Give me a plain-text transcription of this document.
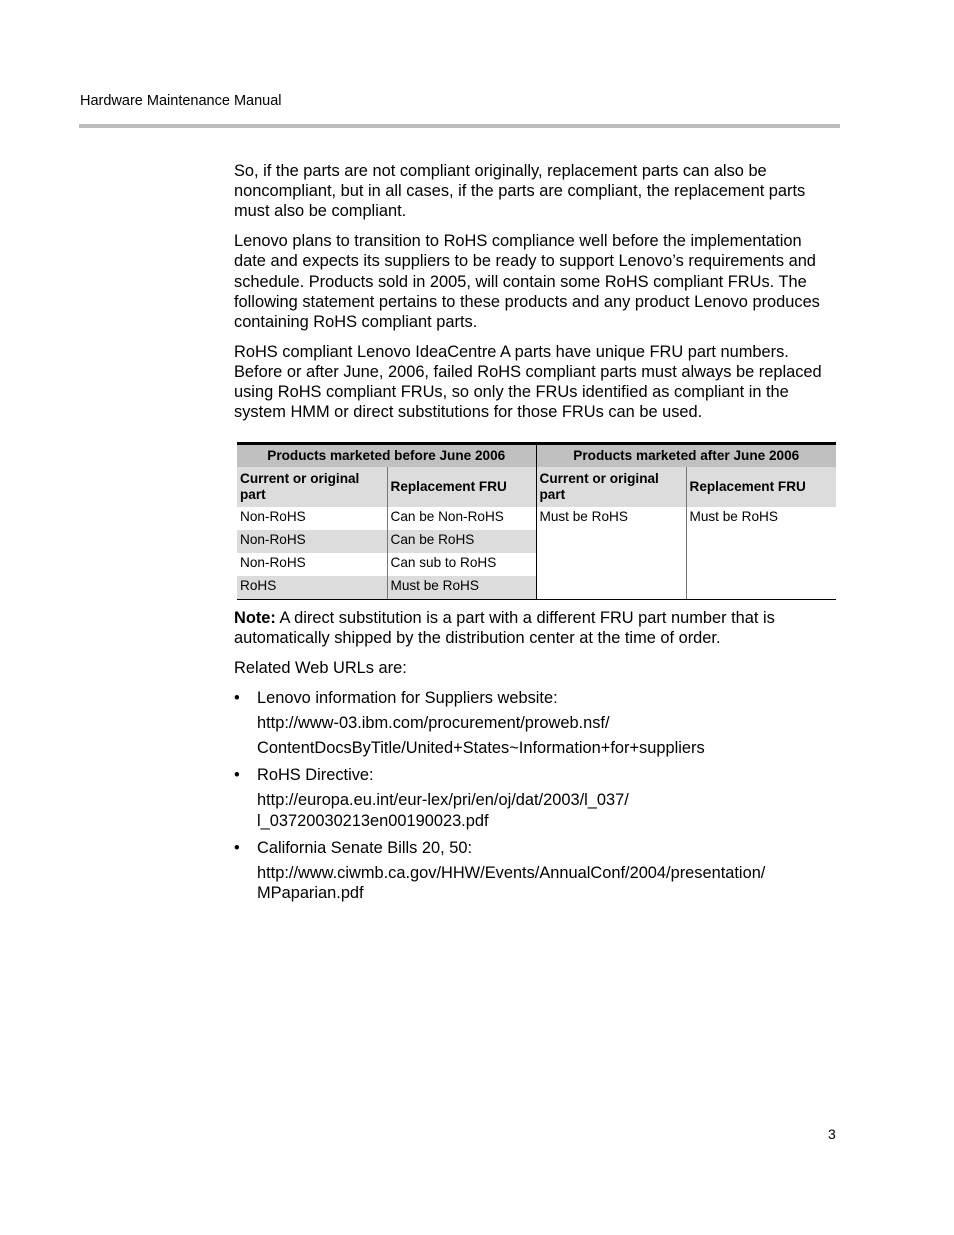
Hardware Maintenance Manual

So, if the parts are not compliant originally, replacement parts can also be noncompliant, but in all cases, if the parts are compliant, the replacement parts must also be compliant.

Lenovo plans to transition to RoHS compliance well before the implementation date and expects its suppliers to be ready to support Lenovo’s requirements and schedule. Products sold in 2005, will contain some RoHS compliant FRUs. The following statement pertains to these products and any product Lenovo produces containing RoHS compliant parts.

RoHS compliant Lenovo IdeaCentre A parts have unique FRU part numbers. Before or after June, 2006, failed RoHS compliant parts must always be replaced using RoHS compliant FRUs, so only the FRUs identified as compliant in the system HMM or direct substitutions for those FRUs can be used.

Products marketed before June 2006		Products marketed after June 2006	
Current or original part	Replacement FRU	Current or original part	Replacement FRU
Non-RoHS	Can be Non-RoHS	Must be RoHS	Must be RoHS
Non-RoHS	Can be RoHS		
Non-RoHS	Can sub to RoHS		
RoHS	Must be RoHS		

Note: A direct substitution is a part with a different FRU part number that is automatically shipped by the distribution center at the time of order.

Related Web URLs are:

• Lenovo information for Suppliers website:
http://www-03.ibm.com/procurement/proweb.nsf/
ContentDocsByTitle/United+States~Information+for+suppliers
• RoHS Directive:
http://europa.eu.int/eur-lex/pri/en/oj/dat/2003/l_037/
l_03720030213en00190023.pdf
• California Senate Bills 20, 50:
http://www.ciwmb.ca.gov/HHW/Events/AnnualConf/2004/presentation/
MPaparian.pdf
3
